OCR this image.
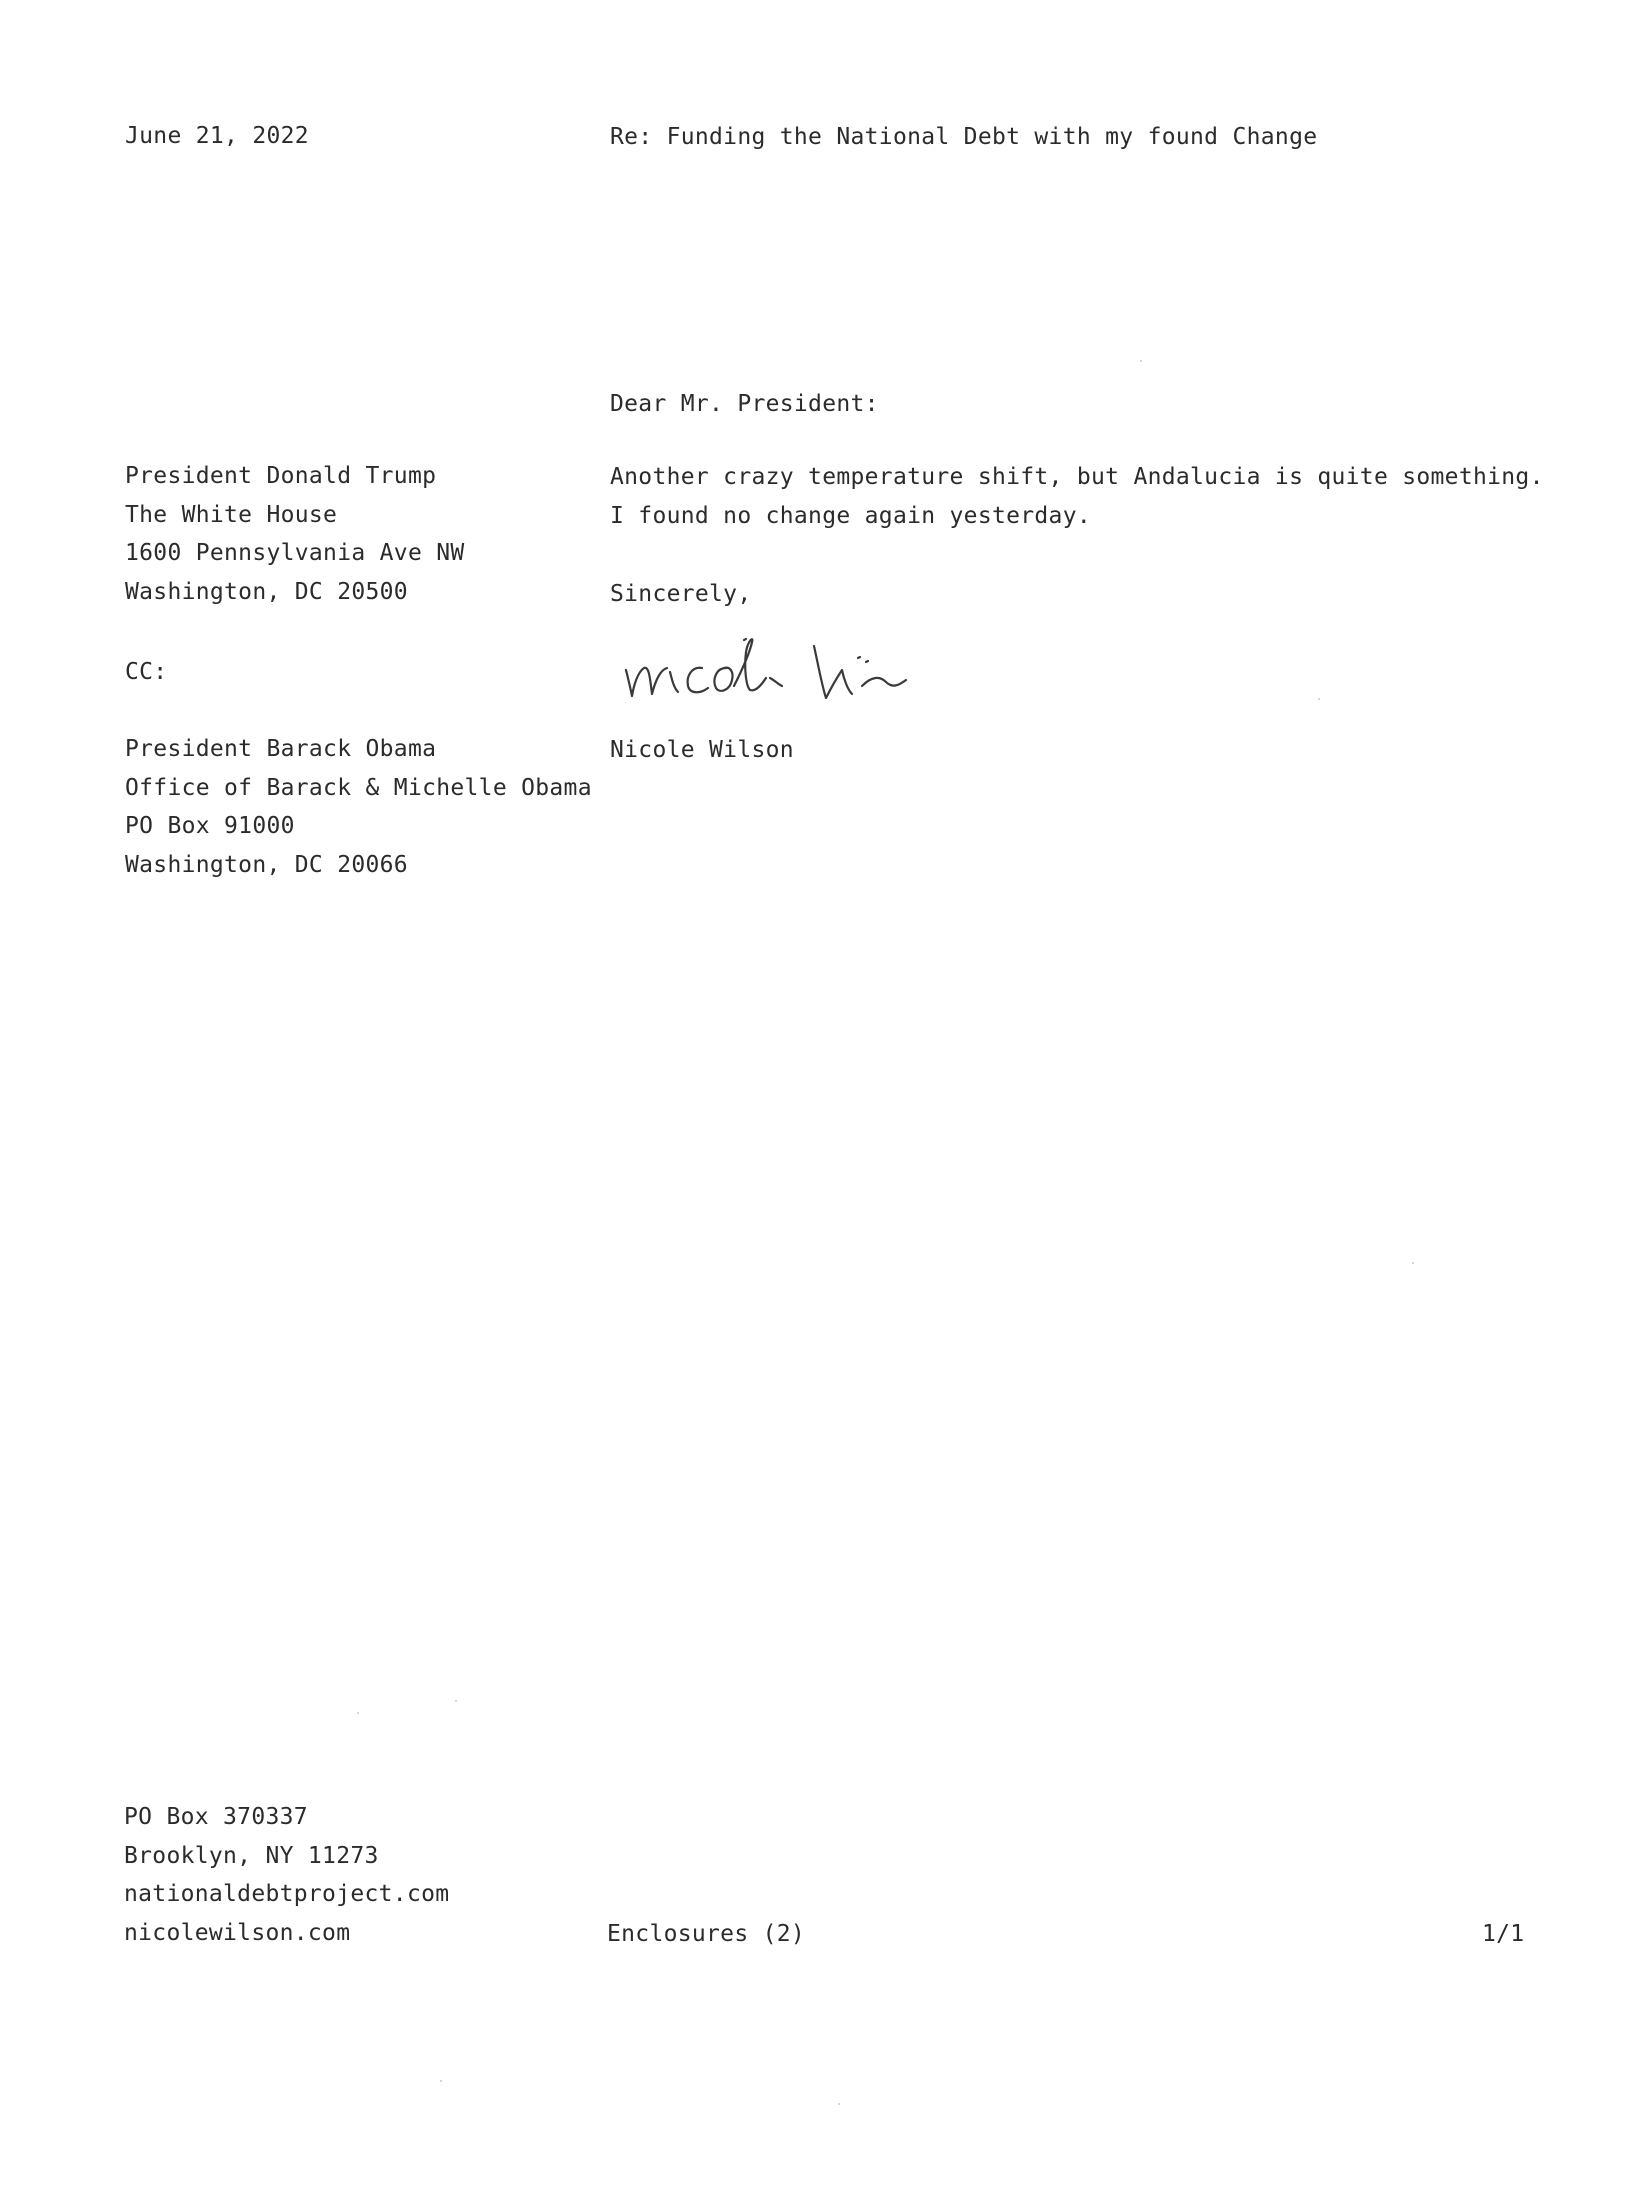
June 21, 2022	Re: Funding the National Debt with my found Change
Dear Mr. President:
President Donald Trump
The White House
1600 Pennsylvania Ave NW
Washington, DC 20500
Another crazy temperature shift, but Andalucia is quite something.
I found no change again yesterday.
Sincerely,
Nicole Wilson
CC:
President Barack Obama
Office of Barack & Michelle Obama
PO Box 91000
Washington, DC 20066
PO Box 370337
Brooklyn, NY 11273
nationaldebtproject.com
nicolewilson.com	Enclosures (2)	1/1
